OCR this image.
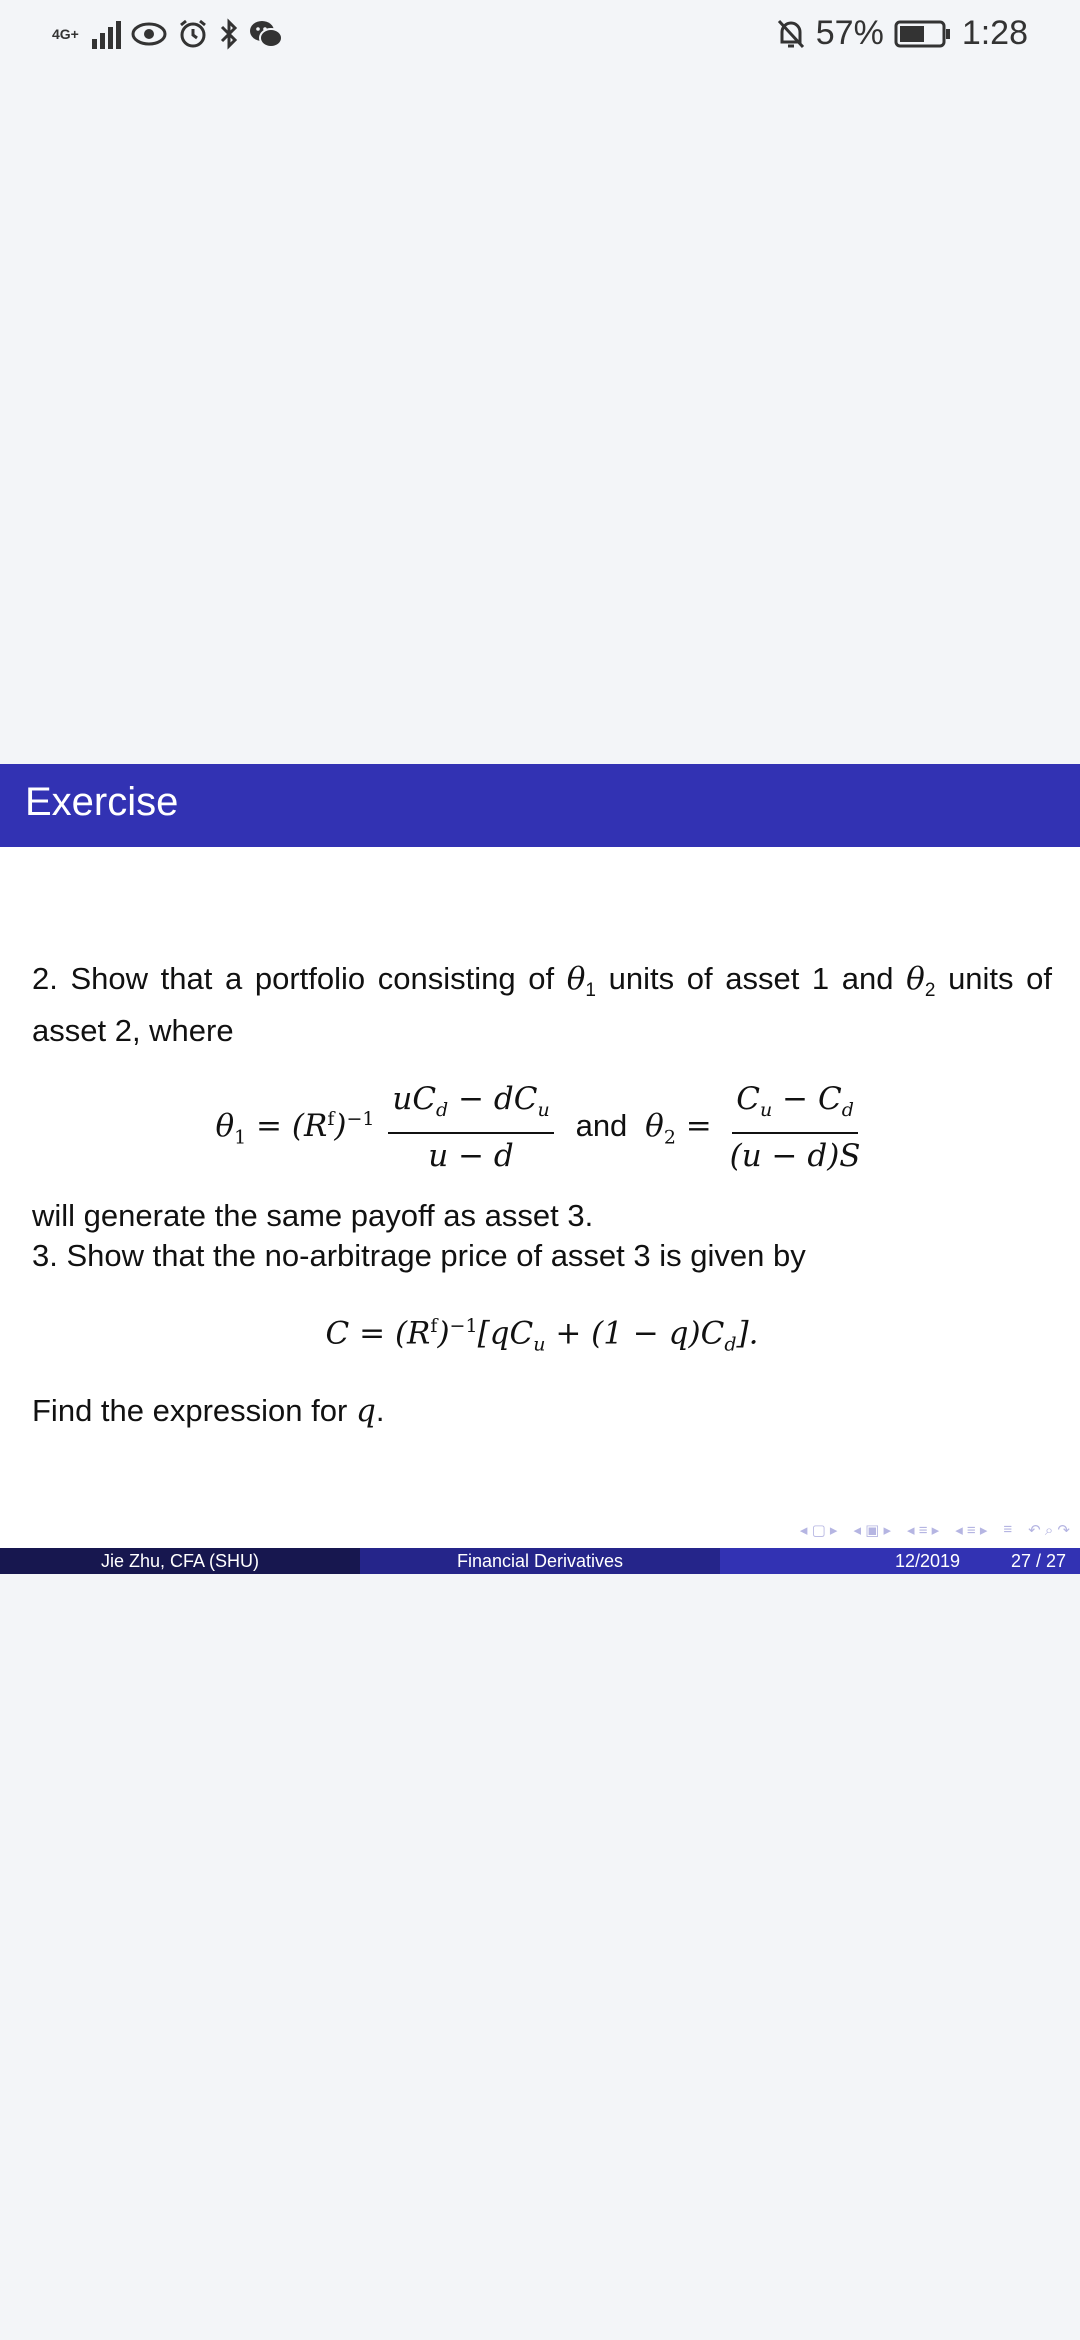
4G+	57% 1:28
Exercise
2. Show that a portfolio consisting of $\theta_1$ units of asset 1 and $\theta_2$ units of asset 2, where
$\theta_1 = (R^f)^{-1} \frac{uC_d - dC_u}{u - d}$ and $\theta_2 = \frac{C_u - C_d}{(u - d)S}$
will generate the same payoff as asset 3.
3. Show that the no-arbitrage price of asset 3 is given by
$C = (R^f)^{-1}[qC_u + (1 - q)C_d]$.
Find the expression for q.
◂ ▢ ▸ ◂ ▣ ▸ ◂ ≡ ▸ ◂ ≡ ▸ ≡ ↶ ⌕ ↷
Jie Zhu, CFA (SHU)	Financial Derivatives	12/2019	27 / 27
